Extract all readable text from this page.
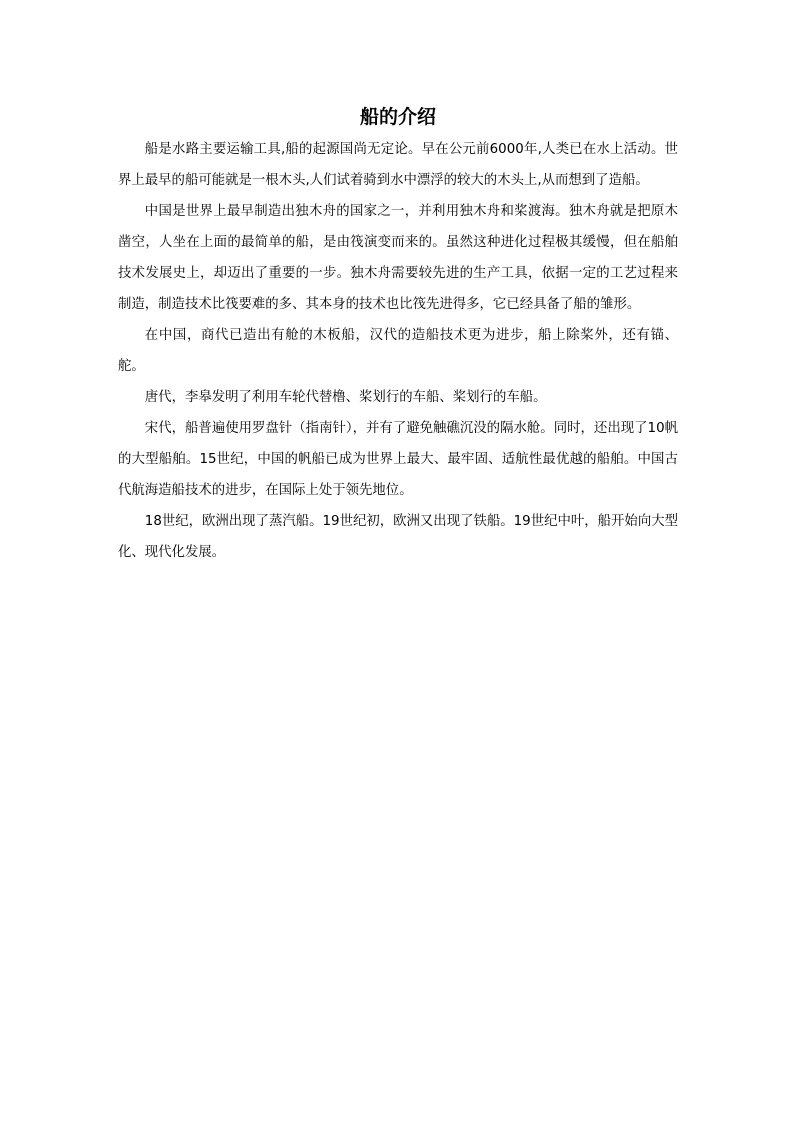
船的介绍

船是水路主要运输工具,船的起源国尚无定论。早在公元前6000年,人类已在水上活动。世界上最早的船可能就是一根木头,人们试着骑到水中漂浮的较大的木头上,从而想到了造船。

中国是世界上最早制造出独木舟的国家之一，并利用独木舟和桨渡海。独木舟就是把原木凿空，人坐在上面的最简单的船，是由筏演变而来的。虽然这种进化过程极其缓慢，但在船舶技术发展史上，却迈出了重要的一步。独木舟需要较先进的生产工具，依据一定的工艺过程来制造，制造技术比筏要难的多、其本身的技术也比筏先进得多，它已经具备了船的雏形。

在中国，商代已造出有舱的木板船，汉代的造船技术更为进步，船上除桨外，还有锚、舵。

唐代，李皋发明了利用车轮代替橹、桨划行的车船、桨划行的车船。

宋代，船普遍使用罗盘针（指南针），并有了避免触礁沉没的隔水舱。同时，还出现了10帆的大型船舶。15世纪，中国的帆船已成为世界上最大、最牢固、适航性最优越的船舶。中国古代航海造船技术的进步，在国际上处于领先地位。

18世纪，欧洲出现了蒸汽船。19世纪初，欧洲又出现了铁船。19世纪中叶，船开始向大型化、现代化发展。
